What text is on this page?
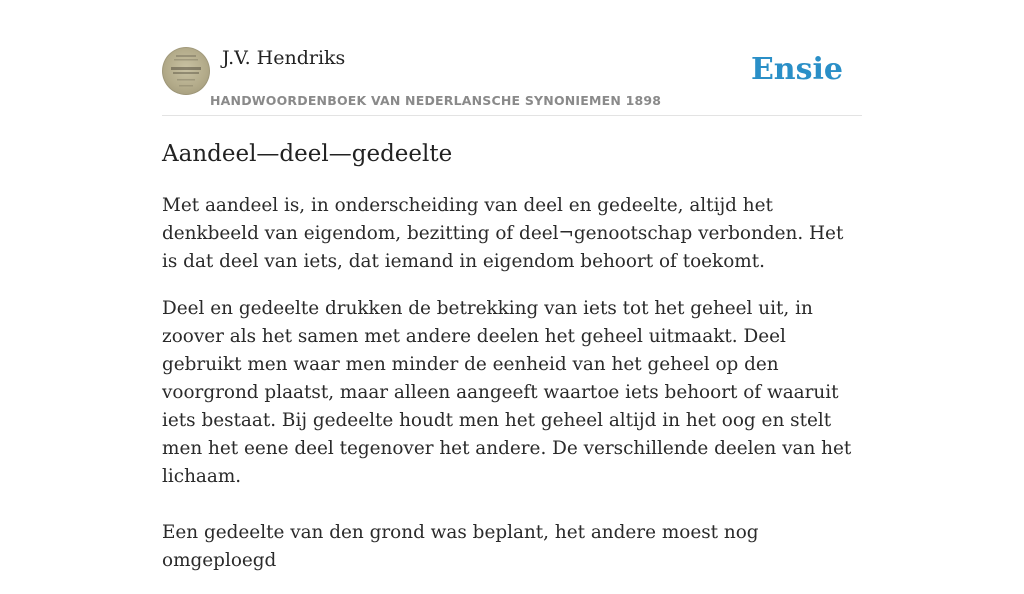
J.V. Hendriks
HANDWOORDENBOEK VAN NEDERLANSCHE SYNONIEMEN 1898
Ensie
Aandeel—deel—gedeelte

Met aandeel is, in onderscheiding van deel en gedeelte, altijd het denkbeeld van eigendom, bezitting of deel¬genootschap verbonden. Het is dat deel van iets, dat iemand in eigendom behoort of toekomt.

Deel en gedeelte drukken de betrekking van iets tot het geheel uit, in zoover als het samen met andere deelen het geheel uitmaakt. Deel gebruikt men waar men minder de eenheid van het geheel op den voorgrond plaatst, maar alleen aangeeft waartoe iets behoort of waaruit iets bestaat. Bij gedeelte houdt men het geheel altijd in het oog en stelt men het eene deel tegenover het andere. De verschillende deelen van het lichaam.

Een gedeelte van den grond was beplant, het andere moest nog omgeploegd
